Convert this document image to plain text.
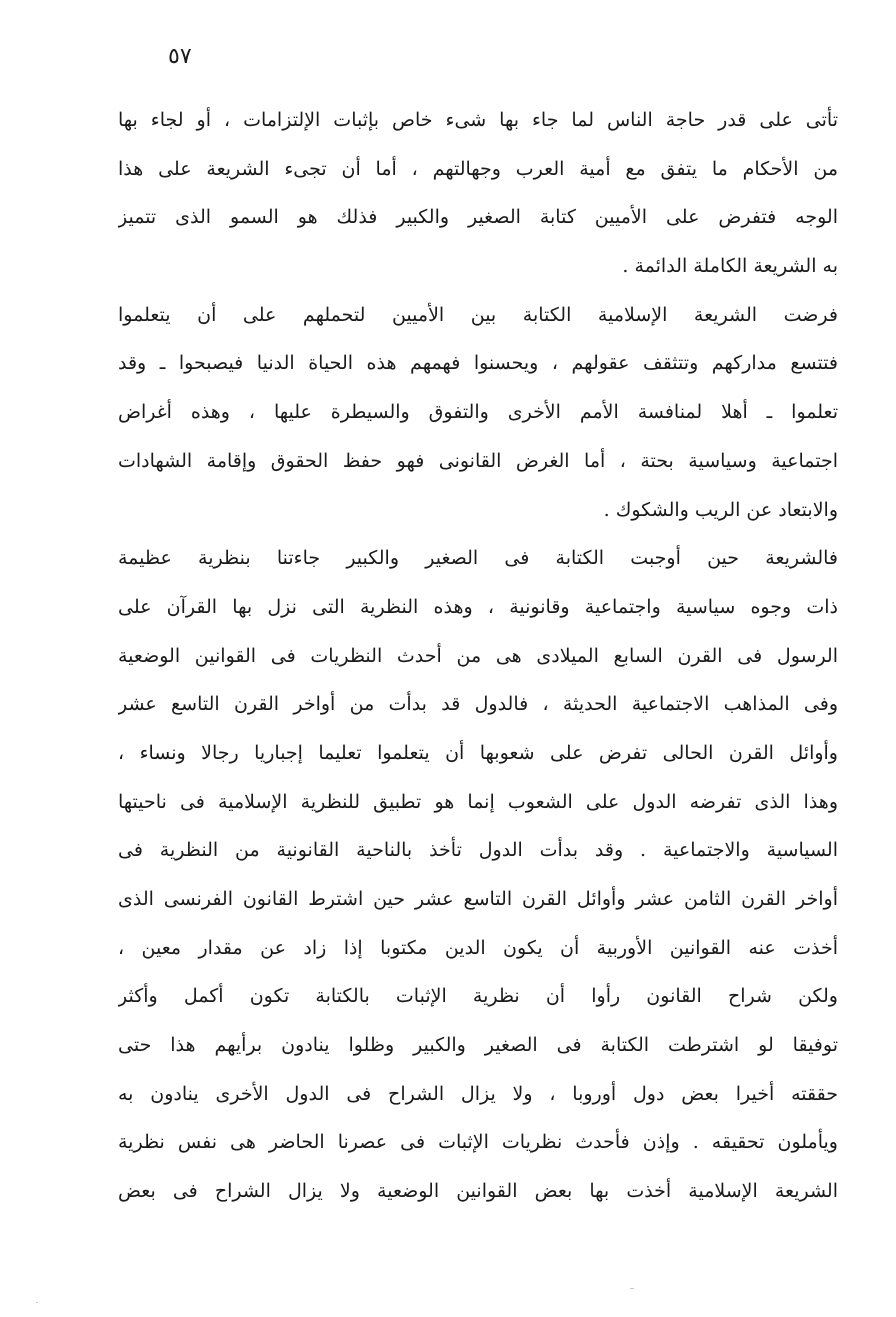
٥٧
تأتى على قدر حاجة الناس لما جاء بها شىء خاص بإثبات الإلتزامات ، أو لجاء بها
من الأحكام ما يتفق مع أمية العرب وجهالتهم ، أما أن تجىء الشريعة على هذا
الوجه فتفرض على الأميين كتابة الصغير والكبير فذلك هو السمو الذى تتميز
به الشريعة الكاملة الدائمة .
فرضت الشريعة الإسلامية الكتابة بين الأميين لتحملهم على أن يتعلموا
فتتسع مداركهم وتتثقف عقولهم ، ويحسنوا فهمهم هذه الحياة الدنيا فيصبحوا ـ وقد
تعلموا ـ أهلا لمنافسة الأمم الأخرى والتفوق والسيطرة عليها ، وهذه أغراض
اجتماعية وسياسية بحتة ، أما الغرض القانونى فهو حفظ الحقوق وإقامة الشهادات
والابتعاد عن الريب والشكوك .
فالشريعة حين أوجبت الكتابة فى الصغير والكبير جاءتنا بنظرية عظيمة
ذات وجوه سياسية واجتماعية وقانونية ، وهذه النظرية التى نزل بها القرآن على
الرسول فى القرن السابع الميلادى هى من أحدث النظريات فى القوانين الوضعية
وفى المذاهب الاجتماعية الحديثة ، فالدول قد بدأت من أواخر القرن التاسع عشر
وأوائل القرن الحالى تفرض على شعوبها أن يتعلموا تعليما إجباريا رجالا ونساء ،
وهذا الذى تفرضه الدول على الشعوب إنما هو تطبيق للنظرية الإسلامية فى ناحيتها
السياسية والاجتماعية . وقد بدأت الدول تأخذ بالناحية القانونية من النظرية فى
أواخر القرن الثامن عشر وأوائل القرن التاسع عشر حين اشترط القانون الفرنسى الذى
أخذت عنه القوانين الأوربية أن يكون الدين مكتوبا إذا زاد عن مقدار معين ،
ولكن شراح القانون رأوا أن نظرية الإثبات بالكتابة تكون أكمل وأكثر
توفيقا لو اشترطت الكتابة فى الصغير والكبير وظلوا ينادون برأيهم هذا حتى
حققته أخيرا بعض دول أوروبا ، ولا يزال الشراح فى الدول الأخرى ينادون به
ويأملون تحقيقه . وإذن فأحدث نظريات الإثبات فى عصرنا الحاضر هى نفس نظرية
الشريعة الإسلامية أخذت بها بعض القوانين الوضعية ولا يزال الشراح فى بعض
